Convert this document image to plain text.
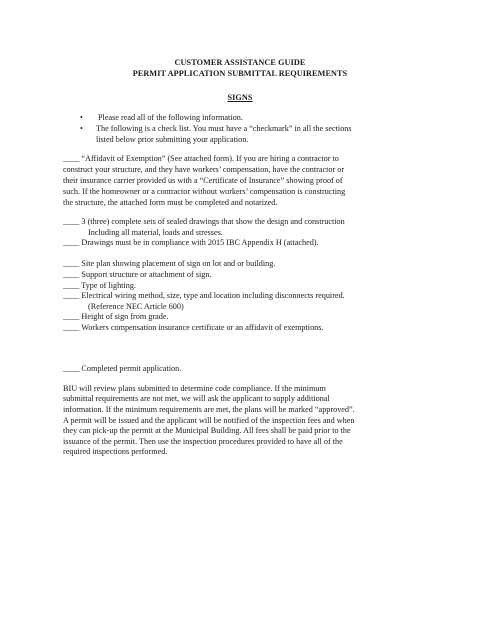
CUSTOMER ASSISTANCE GUIDE
PERMIT APPLICATION SUBMITTAL REQUIREMENTS
SIGNS
• Please read all of the following information.
• The following is a check list. You must have a “checkmark” in all the sections
listed below prior submitting your application.
____ “Affidavit of Exemption” (See attached form). If you are hiring a contractor to
construct your structure, and they have workers’ compensation, have the contractor or
their insurance carrier provided us with a “Certificate of Insurance” showing proof of
such. If the homeowner or a contractor without workers’ compensation is constructing
the structure, the attached form must be completed and notarized.
____ 3 (three) complete sets of sealed drawings that show the design and construction
Including all material, loads and stresses.
____ Drawings must be in compliance with 2015 IBC Appendix H (attached).
____ Site plan showing placement of sign on lot and or building.
____ Support structure or attachment of sign.
____ Type of lighting.
____ Electrical wiring method, size, type and location including disconnects required.
(Reference NEC Article 600)
____ Height of sign from grade.
____ Workers compensation insurance certificate or an affidavit of exemptions.
____ Completed permit application.
BIU will review plans submitted to determine code compliance. If the minimum
submittal requirements are not met, we will ask the applicant to supply additional
information. If the minimum requirements are met, the plans will be marked “approved”.
A permit will be issued and the applicant will be notified of the inspection fees and when
they can pick-up the permit at the Municipal Building. All fees shall be paid prior to the
issuance of the permit. Then use the inspection procedures provided to have all of the
required inspections performed.
